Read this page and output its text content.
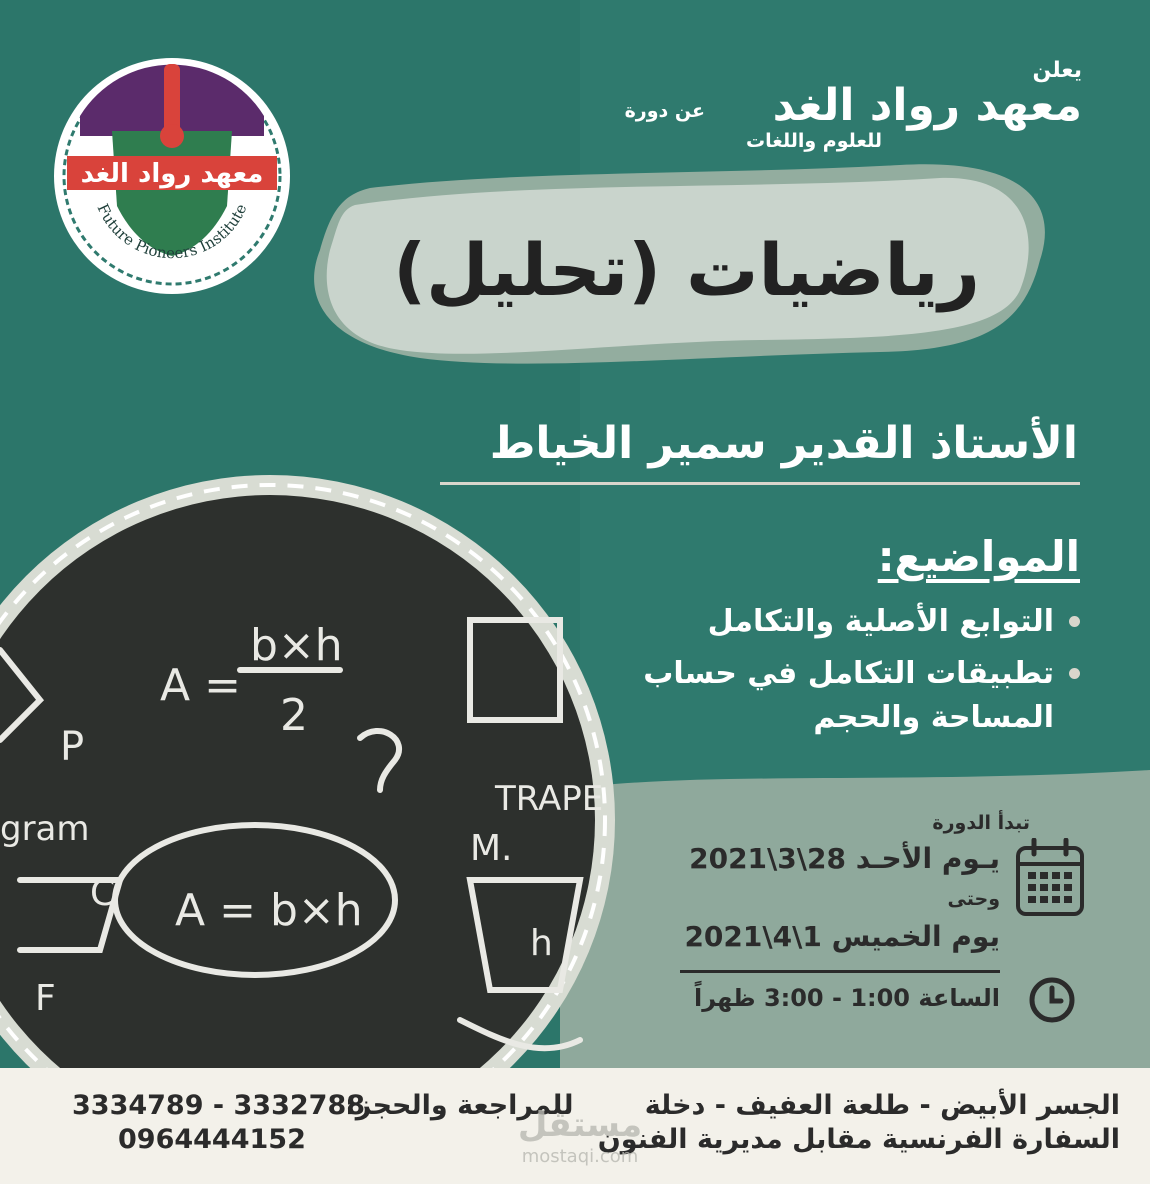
A =
b×h
2
A = b×h
TRAPE
gram	M.
h
P
C
F
معهد رواد الغد
Future Pioneers Institute
يعلن
معهد رواد الغد
للعلوم واللغات
عن دورة
رياضيات (تحليل)
الأستاذ القدير سمير الخياط
المواضيع:
التوابع الأصلية والتكامل
تطبيقات التكامل في حساب المساحة والحجم
تبدأ الدورة
يـوم الأحـد 28\3\2021
وحتى
يوم الخميس 1\4\2021
الساعة 1:00 - 3:00 ظهراً
الجسر الأبيض - طلعة العفيف - دخلة
السفارة الفرنسية مقابل مديرية الفنون
للمراجعة والحجز:
3334789 - 3332788
0964444152	مستقل
mostaqi.com
